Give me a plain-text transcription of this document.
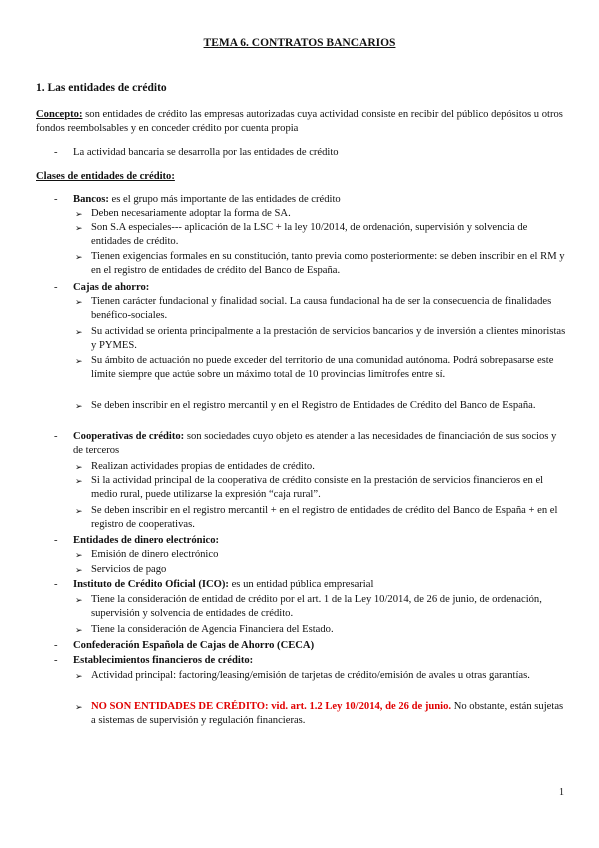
TEMA 6. CONTRATOS BANCARIOS
1. Las entidades de crédito
Concepto: son entidades de crédito las empresas autorizadas cuya actividad consiste en recibir del público depósitos u otros fondos reembolsables y en conceder crédito por cuenta propia
- La actividad bancaria se desarrolla por las entidades de crédito
Clases de entidades de crédito:
- Bancos: es el grupo más importante de las entidades de crédito
➢ Deben necesariamente adoptar la forma de SA.
➢ Son S.A especiales--- aplicación de la LSC + la ley 10/2014, de ordenación, supervisión y solvencia de entidades de crédito.
➢ Tienen exigencias formales en su constitución, tanto previa como posteriormente: se deben inscribir en el RM y en el registro de entidades de crédito del Banco de España.
- Cajas de ahorro:
➢ Tienen carácter fundacional y finalidad social. La causa fundacional ha de ser la consecuencia de finalidades benéfico-sociales.
➢ Su actividad se orienta principalmente a la prestación de servicios bancarios y de inversión a clientes minoristas y PYMES.
➢ Su ámbito de actuación no puede exceder del territorio de una comunidad autónoma. Podrá sobrepasarse este límite siempre que actúe sobre un máximo total de 10 provincias limítrofes entre sí.
➢ Se deben inscribir en el registro mercantil y en el Registro de Entidades de Crédito del Banco de España.
- Cooperativas de crédito: son sociedades cuyo objeto es atender a las necesidades de financiación de sus socios y de terceros
➢ Realizan actividades propias de entidades de crédito.
➢ Si la actividad principal de la cooperativa de crédito consiste en la prestación de servicios financieros en el medio rural, puede utilizarse la expresión “caja rural”.
➢ Se deben inscribir en el registro mercantil + en el registro de entidades de crédito del Banco de España + en el registro de cooperativas.
- Entidades de dinero electrónico:
➢ Emisión de dinero electrónico
➢ Servicios de pago
- Instituto de Crédito Oficial (ICO): es un entidad pública empresarial
➢ Tiene la consideración de entidad de crédito por el art. 1 de la Ley 10/2014, de 26 de junio, de ordenación, supervisión y solvencia de entidades de crédito.
➢ Tiene la consideración de Agencia Financiera del Estado.
- Confederación Española de Cajas de Ahorro (CECA)
- Establecimientos financieros de crédito:
➢ Actividad principal: factoring/leasing/emisión de tarjetas de crédito/emisión de avales u otras garantías.
➢ NO SON ENTIDADES DE CRÉDITO: vid. art. 1.2 Ley 10/2014, de 26 de junio. No obstante, están sujetas a sistemas de supervisión y regulación financieras.
1
